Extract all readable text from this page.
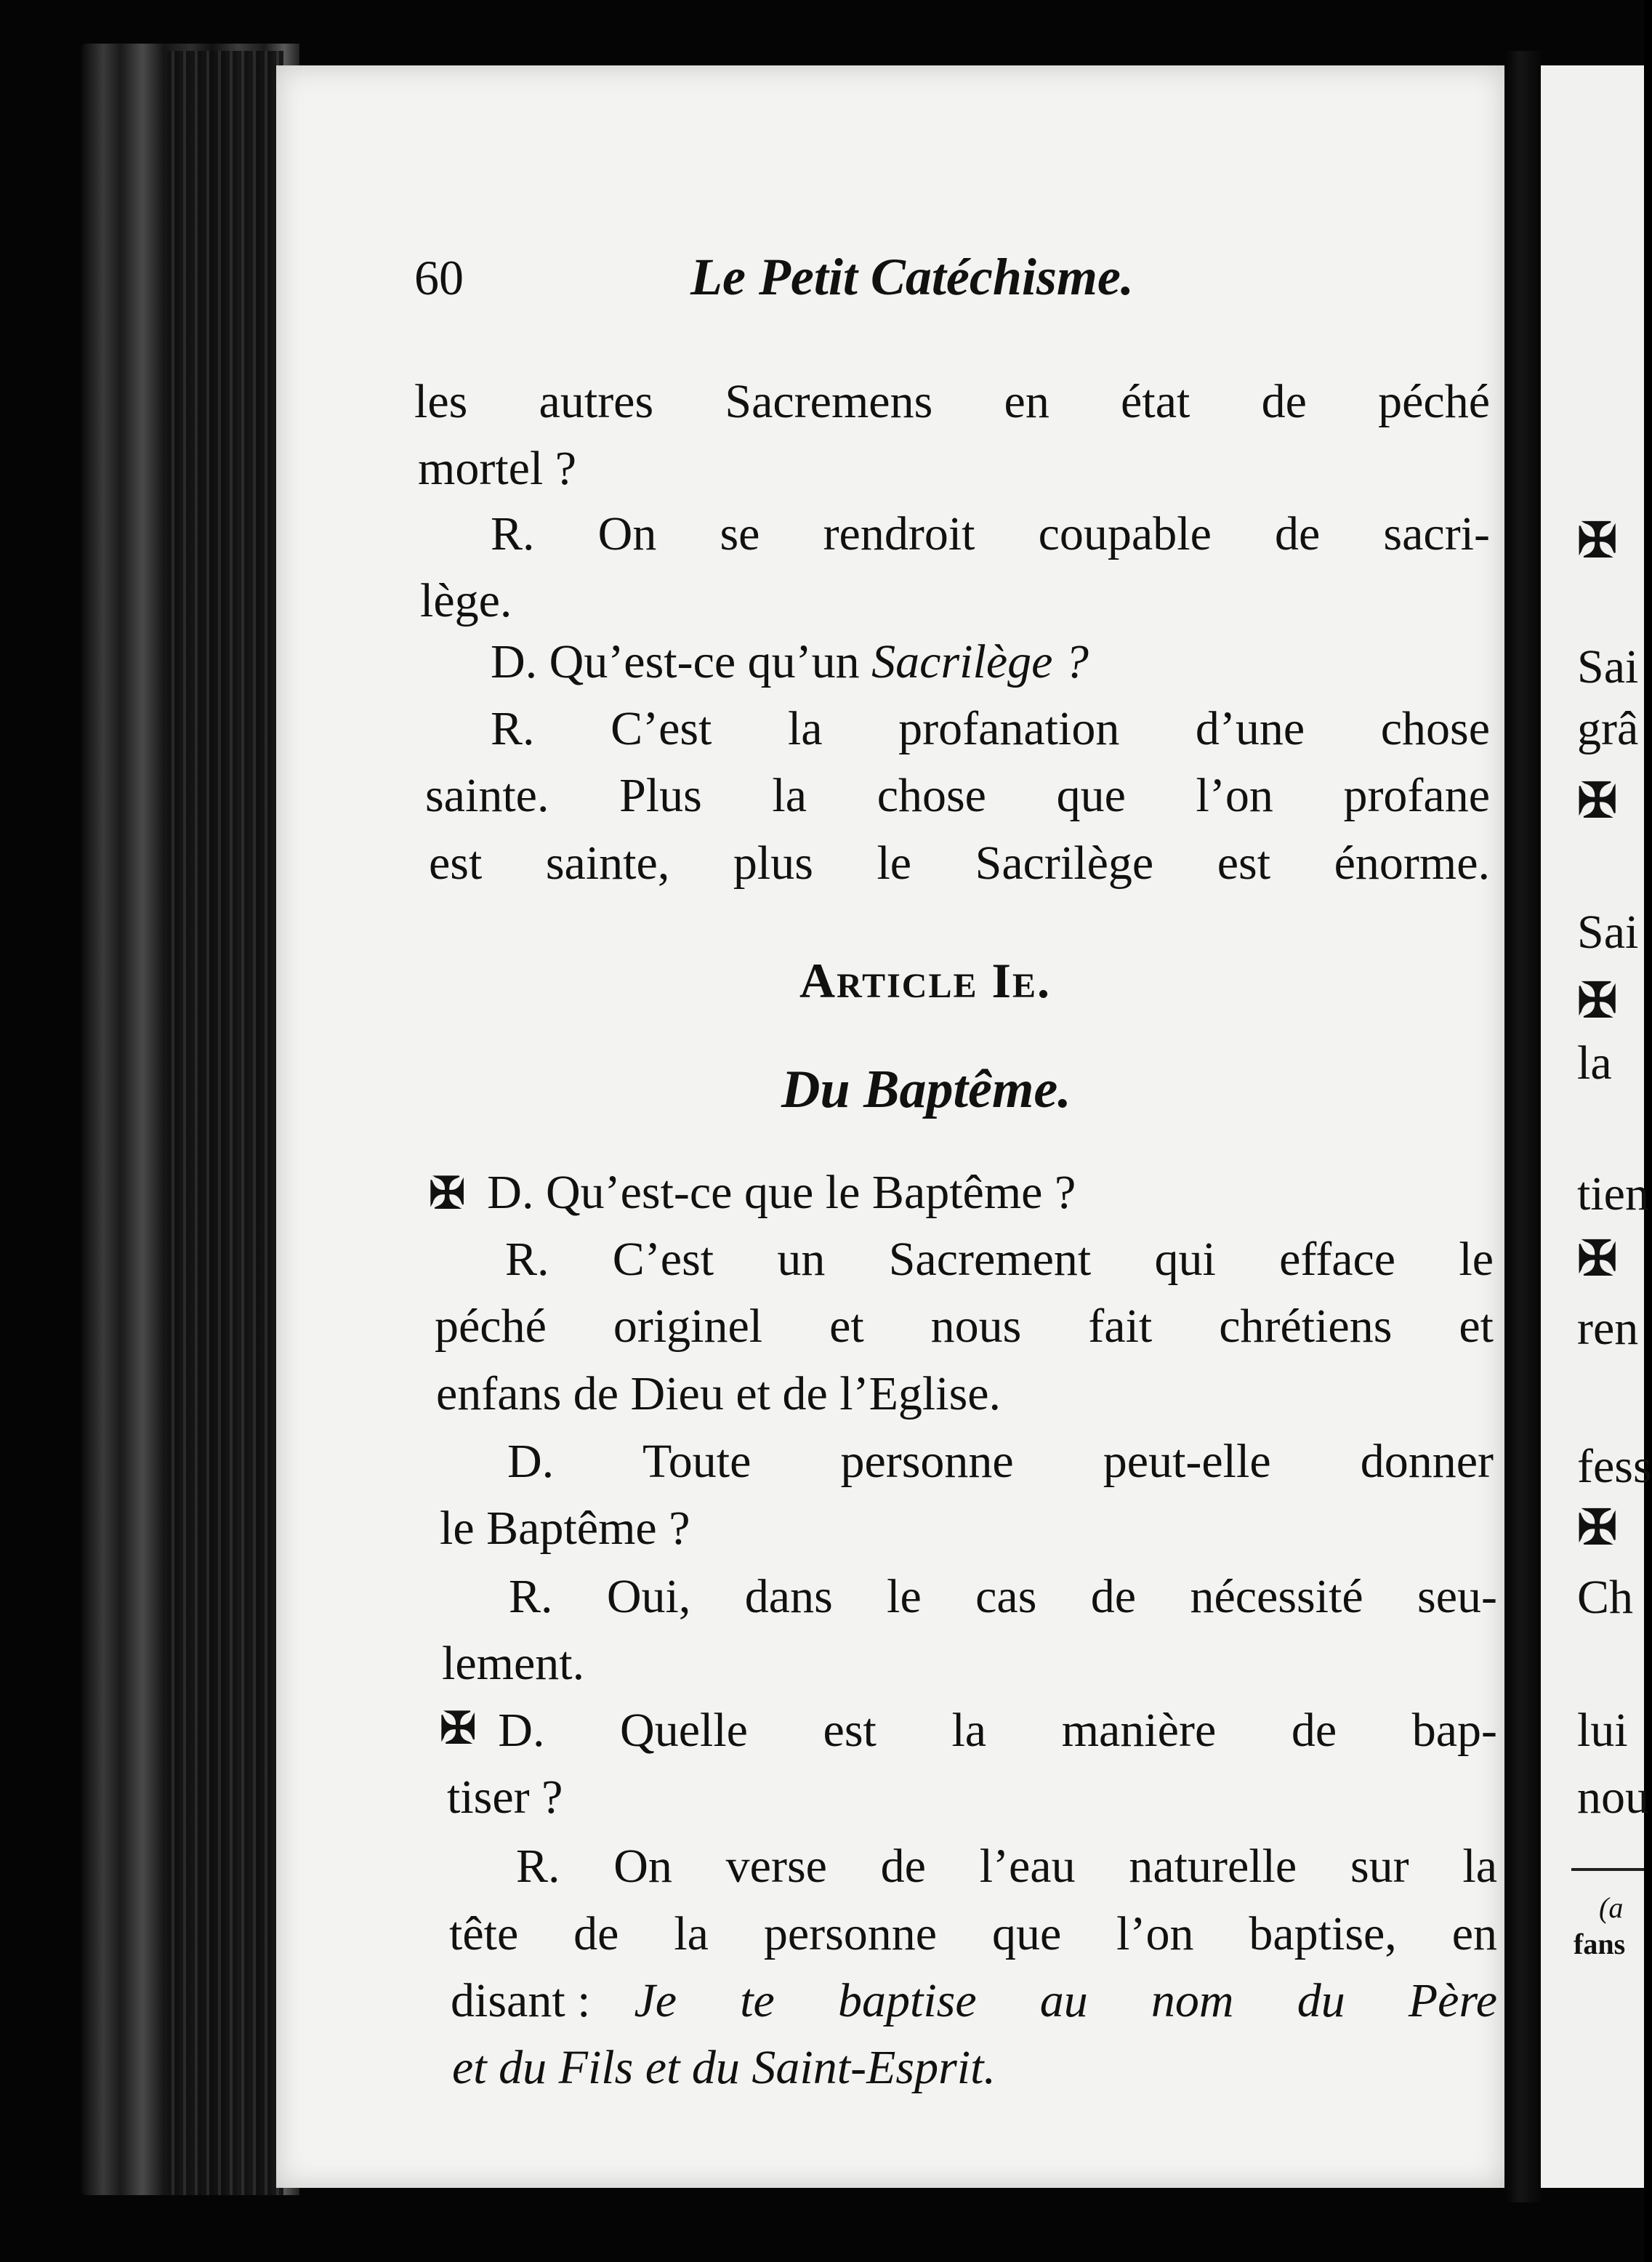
60	Le Petit Catéchisme.
les autres Sacremens en état de péché
mortel ?
R. On se rendroit coupable de sacri-
lège.
D. Qu’est-ce qu’un Sacrilège ?
R. C’est la profanation d’une chose
sainte. Plus la chose que l’on profane
est sainte, plus le Sacrilège est énorme.
Article Ie.
Du Baptême.
✠ D. Qu’est-ce que le Baptême ?
R. C’est un Sacrement qui efface le
péché originel et nous fait chrétiens et
enfans de Dieu et de l’Eglise.
D. Toute personne peut-elle donner
le Baptême ?
R. Oui, dans le cas de nécessité seu-
lement.
✠ D. Quelle est la manière de bap-
tiser ?
R. On verse de l’eau naturelle sur la
tête de la personne que l’on baptise, en
disant : Je te baptise au nom du Père
et du Fils et du Saint-Esprit.
✠
Sai
grâ
✠
Sai
✠
la
tien
✠
ren
fess
✠
Ch
lui
nou
(a
fans
